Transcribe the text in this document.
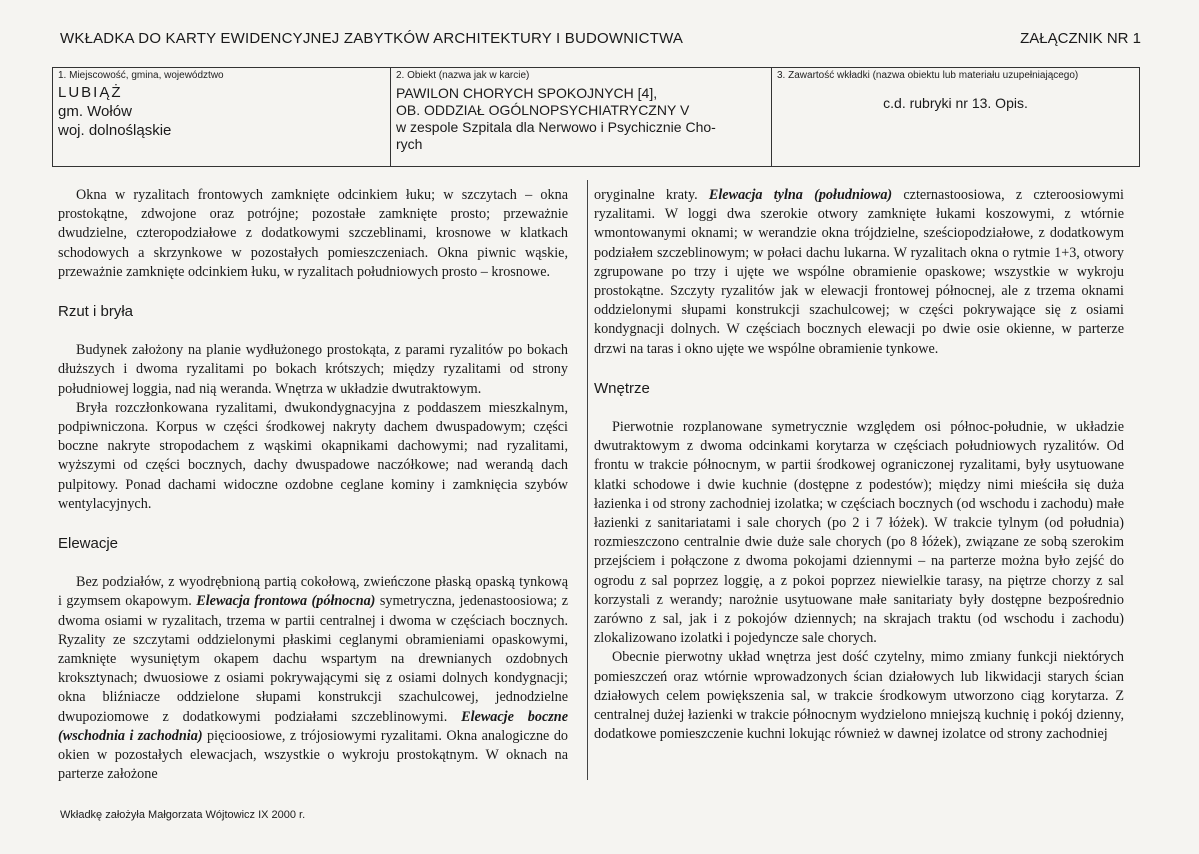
WKŁADKA DO KARTY EWIDENCYJNEJ ZABYTKÓW ARCHITEKTURY I BUDOWNICTWA	ZAŁĄCZNIK NR 1
1. Miejscowość, gmina, województwo
LUBIĄŻ
gm. Wołów
woj. dolnośląskie
2. Obiekt (nazwa jak w karcie)
PAWILON CHORYCH SPOKOJNYCH [4],
OB. ODDZIAŁ OGÓLNOPSYCHIATRYCZNY V
w zespole Szpitala dla Nerwowo i Psychicznie Cho-
rych
3. Zawartość wkładki (nazwa obiektu lub materiału uzupełniającego)
c.d. rubryki nr 13. Opis.

Okna w ryzalitach frontowych zamknięte odcinkiem łuku; w szczytach – okna prostokątne, zdwojone oraz potrójne; pozostałe zamknięte prosto; przeważnie dwudzielne, czteropodziałowe z dodatkowymi szczeblinami, krosnowe w klatkach schodowych a skrzynkowe w pozostałych pomieszczeniach. Okna piwnic wąskie, przeważnie zamknięte odcinkiem łuku, w ryzalitach południowych prosto – krosnowe.

Rzut i bryła

Budynek założony na planie wydłużonego prostokąta, z parami ryzalitów po bokach dłuższych i dwoma ryzalitami po bokach krótszych; między ryzalitami od strony południowej loggia, nad nią weranda. Wnętrza w układzie dwutraktowym.

Bryła rozczłonkowana ryzalitami, dwukondygnacyjna z poddaszem mieszkalnym, podpiwniczona. Korpus w części środkowej nakryty dachem dwuspadowym; części boczne nakryte stropodachem z wąskimi okapnikami dachowymi; nad ryzalitami, wyższymi od części bocznych, dachy dwuspadowe naczółkowe; nad werandą dach pulpitowy. Ponad dachami widoczne ozdobne ceglane kominy i zamknięcia szybów wentylacyjnych.

Elewacje

Bez podziałów, z wyodrębnioną partią cokołową, zwieńczone płaską opaską tynkową i gzymsem okapowym. Elewacja frontowa (północna) symetryczna, jedenastoosiowa; z dwoma osiami w ryzalitach, trzema w partii centralnej i dwoma w częściach bocznych. Ryzality ze szczytami oddzielonymi płaskimi ceglanymi obramieniami opaskowymi, zamknięte wysuniętym okapem dachu wspartym na drewnianych ozdobnych kroksztynach; dwuosiowe z osiami pokrywającymi się z osiami dolnych kondygnacji; okna bliźniacze oddzielone słupami konstrukcji szachulcowej, jednodzielne dwupoziomowe z dodatkowymi podziałami szczeblinowymi. Elewacje boczne (wschodnia i zachodnia) pięcioosiowe, z trójosiowymi ryzalitami. Okna analogiczne do okien w pozostałych elewacjach, wszystkie o wykroju prostokątnym. W oknach na parterze założone

oryginalne kraty. Elewacja tylna (południowa) czternastoosiowa, z czteroosiowymi ryzalitami. W loggi dwa szerokie otwory zamknięte łukami koszowymi, z wtórnie wmontowanymi oknami; w werandzie okna trójdzielne, sześciopodziałowe, z dodatkowym podziałem szczeblinowym; w połaci dachu lukarna. W ryzalitach okna o rytmie 1+3, otwory zgrupowane po trzy i ujęte we wspólne obramienie opaskowe; wszystkie w wykroju prostokątne. Szczyty ryzalitów jak w elewacji frontowej północnej, ale z trzema oknami oddzielonymi słupami konstrukcji szachulcowej; w części pokrywające się z osiami kondygnacji dolnych. W częściach bocznych elewacji po dwie osie okienne, w parterze drzwi na taras i okno ujęte we wspólne obramienie tynkowe.

Wnętrze

Pierwotnie rozplanowane symetrycznie względem osi północ-południe, w układzie dwutraktowym z dwoma odcinkami korytarza w częściach południowych ryzalitów. Od frontu w trakcie północnym, w partii środkowej ograniczonej ryzalitami, były usytuowane klatki schodowe i dwie kuchnie (dostępne z podestów); między nimi mieściła się duża łazienka i od strony zachodniej izolatka; w częściach bocznych (od wschodu i zachodu) małe łazienki z sanitariatami i sale chorych (po 2 i 7 łóżek). W trakcie tylnym (od południa) rozmieszczono centralnie dwie duże sale chorych (po 8 łóżek), związane ze sobą szerokim przejściem i połączone z dwoma pokojami dziennymi – na parterze można było zejść do ogrodu z sal poprzez loggię, a z pokoi poprzez niewielkie tarasy, na piętrze chorzy z sal korzystali z werandy; narożnie usytuowane małe sanitariaty były dostępne bezpośrednio zarówno z sal, jak i z pokojów dziennych; na skrajach traktu (od wschodu i zachodu) zlokalizowano izolatki i pojedyncze sale chorych.

Obecnie pierwotny układ wnętrza jest dość czytelny, mimo zmiany funkcji niektórych pomieszczeń oraz wtórnie wprowadzonych ścian działowych lub likwidacji starych ścian działowych celem powiększenia sal, w trakcie środkowym utworzono ciąg korytarza. Z centralnej dużej łazienki w trakcie północnym wydzielono mniejszą kuchnię i pokój dzienny, dodatkowe pomieszczenie kuchni lokując również w dawnej izolatce od strony zachodniej

Wkładkę założyła Małgorzata Wójtowicz IX 2000 r.
